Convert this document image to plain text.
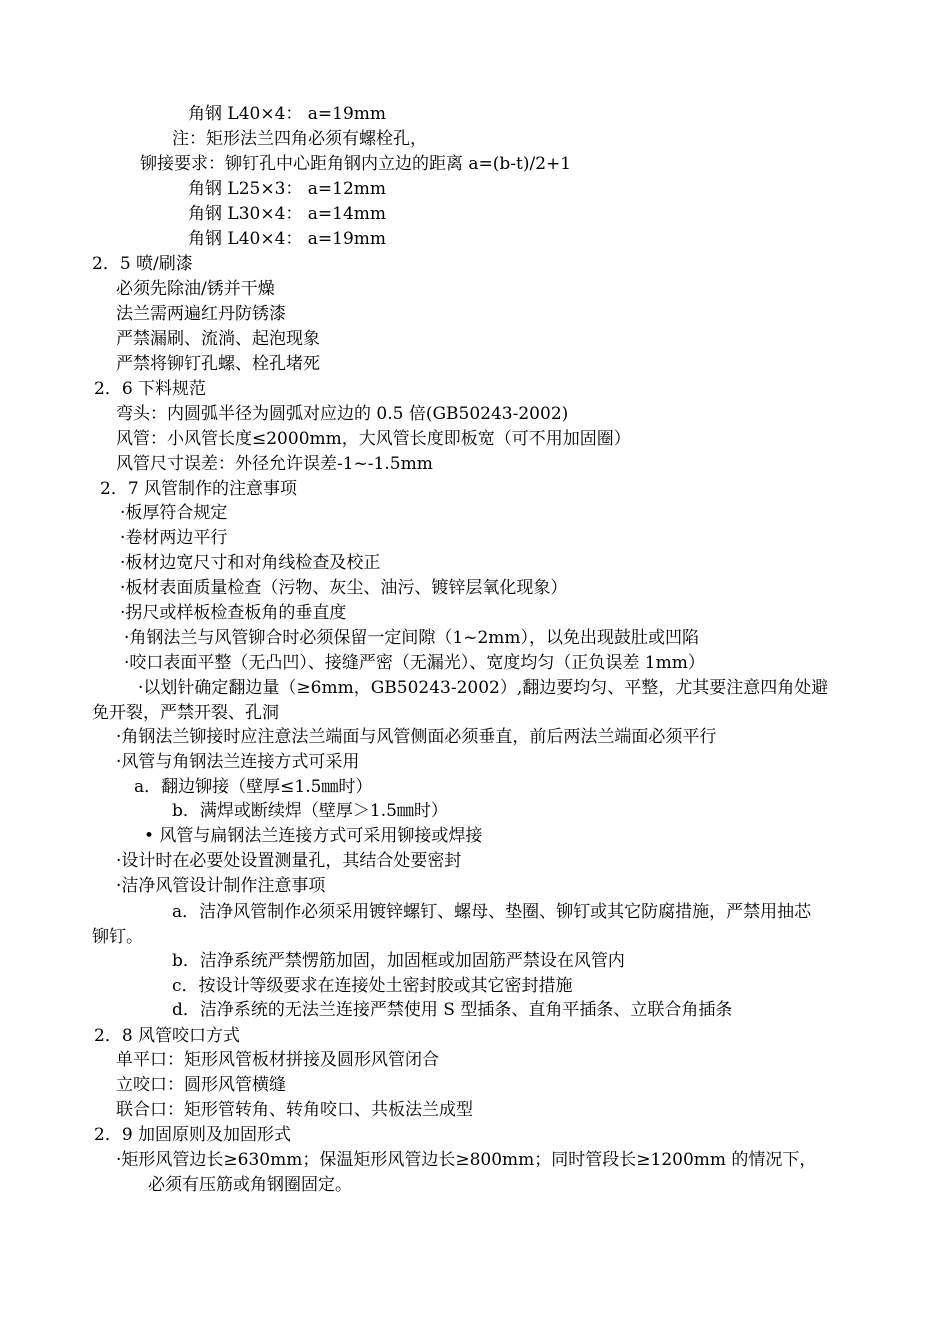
角钢 L40×4： a=19mm
注：矩形法兰四角必须有螺栓孔，
铆接要求：铆钉孔中心距角钢内立边的距离 a=(b-t)/2+1
角钢 L25×3： a=12mm
角钢 L30×4： a=14mm
角钢 L40×4： a=19mm
2．5 喷/刷漆
必须先除油/锈并干燥
法兰需两遍红丹防锈漆
严禁漏刷、流淌、起泡现象
严禁将铆钉孔螺、栓孔堵死
2．6 下料规范
弯头：内圆弧半径为圆弧对应边的 0.5 倍(GB50243-2002)
风管：小风管长度≤2000mm，大风管长度即板宽（可不用加固圈）
风管尺寸误差：外径允许误差-1~-1.5mm
2．7 风管制作的注意事项
·板厚符合规定
·卷材两边平行
·板材边宽尺寸和对角线检查及校正
·板材表面质量检查（污物、灰尘、油污、镀锌层氧化现象）
·拐尺或样板检查板角的垂直度
·角钢法兰与风管铆合时必须保留一定间隙（1~2mm），以免出现鼓肚或凹陷
·咬口表面平整（无凸凹）、接缝严密（无漏光）、宽度均匀（正负误差 1mm）
·以划针确定翻边量（≥6mm，GB50243-2002）,翻边要均匀、平整，尤其要注意四角处避
免开裂，严禁开裂、孔洞
·角钢法兰铆接时应注意法兰端面与风管侧面必须垂直，前后两法兰端面必须平行
·风管与角钢法兰连接方式可采用
a．翻边铆接（壁厚≤1.5㎜时）
b．满焊或断续焊（壁厚＞1.5㎜时）
• 风管与扁钢法兰连接方式可采用铆接或焊接
·设计时在必要处设置测量孔，其结合处要密封
·洁净风管设计制作注意事项
a．洁净风管制作必须采用镀锌螺钉、螺母、垫圈、铆钉或其它防腐措施，严禁用抽芯
铆钉。
b．洁净系统严禁愣筋加固，加固框或加固筋严禁设在风管内
c．按设计等级要求在连接处土密封胶或其它密封措施
d．洁净系统的无法兰连接严禁使用 S 型插条、直角平插条、立联合角插条
2．8 风管咬口方式
单平口：矩形风管板材拼接及圆形风管闭合
立咬口：圆形风管横缝
联合口：矩形管转角、转角咬口、共板法兰成型
2．9 加固原则及加固形式
·矩形风管边长≥630mm；保温矩形风管边长≥800mm；同时管段长≥1200mm 的情况下，
必须有压筋或角钢圈固定。
